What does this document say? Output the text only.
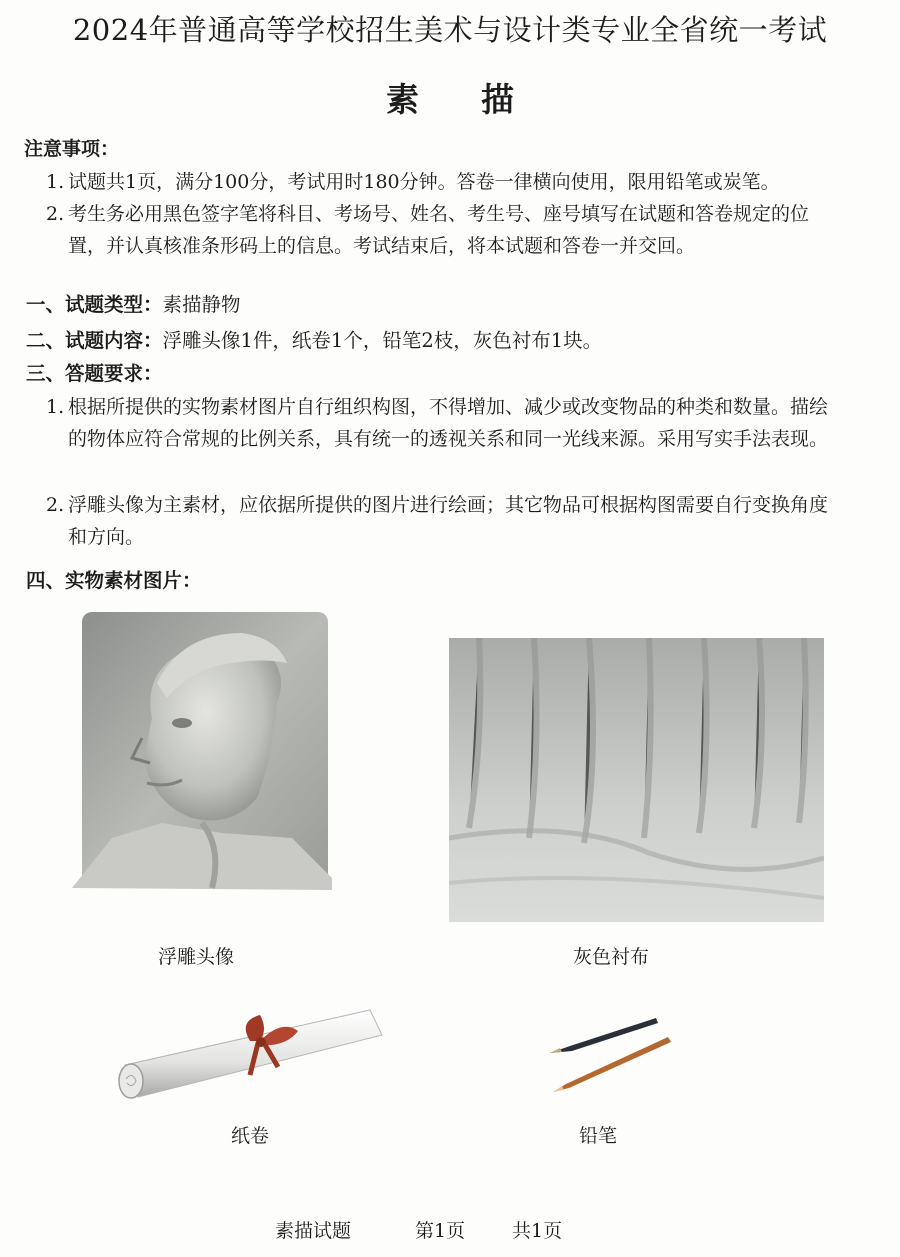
2024年普通高等学校招生美术与设计类专业全省统一考试
素描
注意事项：
1. 试题共1页，满分100分，考试用时180分钟。答卷一律横向使用，限用铅笔或炭笔。
2. 考生务必用黑色签字笔将科目、考场号、姓名、考生号、座号填写在试题和答卷规定的位置，并认真核准条形码上的信息。考试结束后，将本试题和答卷一并交回。
一、试题类型：素描静物
二、试题内容：浮雕头像1件，纸卷1个，铅笔2枝，灰色衬布1块。
三、答题要求：
1. 根据所提供的实物素材图片自行组织构图，不得增加、减少或改变物品的种类和数量。描绘的物体应符合常规的比例关系，具有统一的透视关系和同一光线来源。采用写实手法表现。
2. 浮雕头像为主素材，应依据所提供的图片进行绘画；其它物品可根据构图需要自行变换角度和方向。
四、实物素材图片：
浮雕头像	灰色衬布
纸卷	铅笔
素描试题	第1页 共1页
